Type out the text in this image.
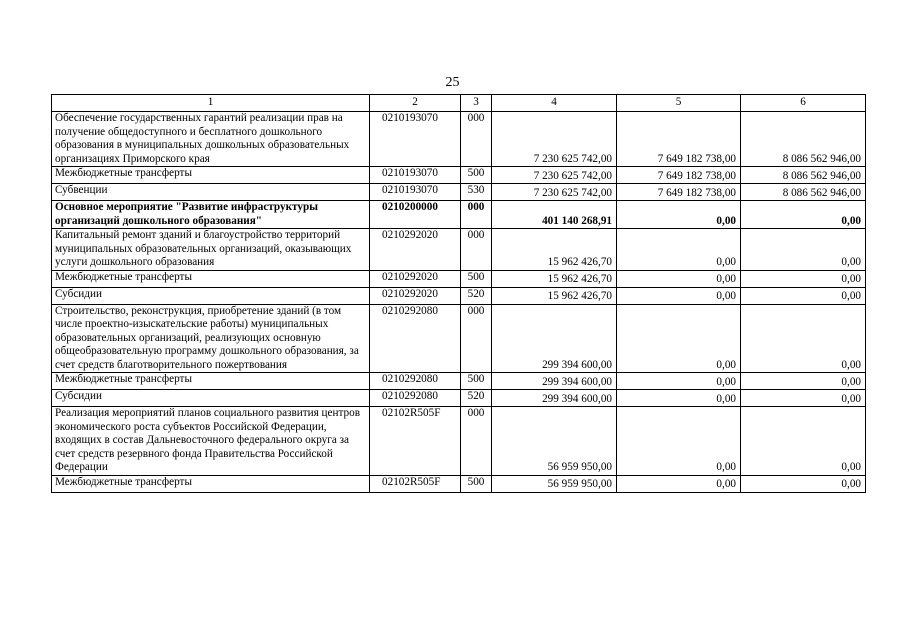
25
1	2	3	4	5	6
Обеспечение государственных гарантий реализации прав на получение общедоступного и бесплатного дошкольного образования в муниципальных дошкольных образовательных организациях Приморского края	0210193070	000	7 230 625 742,00	7 649 182 738,00	8 086 562 946,00
Межбюджетные трансферты	0210193070	500	7 230 625 742,00	7 649 182 738,00	8 086 562 946,00
Субвенции	0210193070	530	7 230 625 742,00	7 649 182 738,00	8 086 562 946,00
Основное мероприятие "Развитие инфраструктуры организаций дошкольного образования"	0210200000	000	401 140 268,91	0,00	0,00
Капитальный ремонт зданий и благоустройство территорий муниципальных образовательных организаций, оказывающих услуги дошкольного образования	0210292020	000	15 962 426,70	0,00	0,00
Межбюджетные трансферты	0210292020	500	15 962 426,70	0,00	0,00
Субсидии	0210292020	520	15 962 426,70	0,00	0,00
Строительство, реконструкция, приобретение зданий (в том числе проектно-изыскательские работы) муниципальных образовательных организаций, реализующих основную общеобразовательную программу дошкольного образования, за счет средств благотворительного пожертвования	0210292080	000	299 394 600,00	0,00	0,00
Межбюджетные трансферты	0210292080	500	299 394 600,00	0,00	0,00
Субсидии	0210292080	520	299 394 600,00	0,00	0,00
Реализация мероприятий планов социального развития центров экономического роста субъектов Российской Федерации, входящих в состав Дальневосточного федерального округа за счет средств резервного фонда Правительства Российской Федерации	02102R505F	000	56 959 950,00	0,00	0,00
Межбюджетные трансферты	02102R505F	500	56 959 950,00	0,00	0,00
